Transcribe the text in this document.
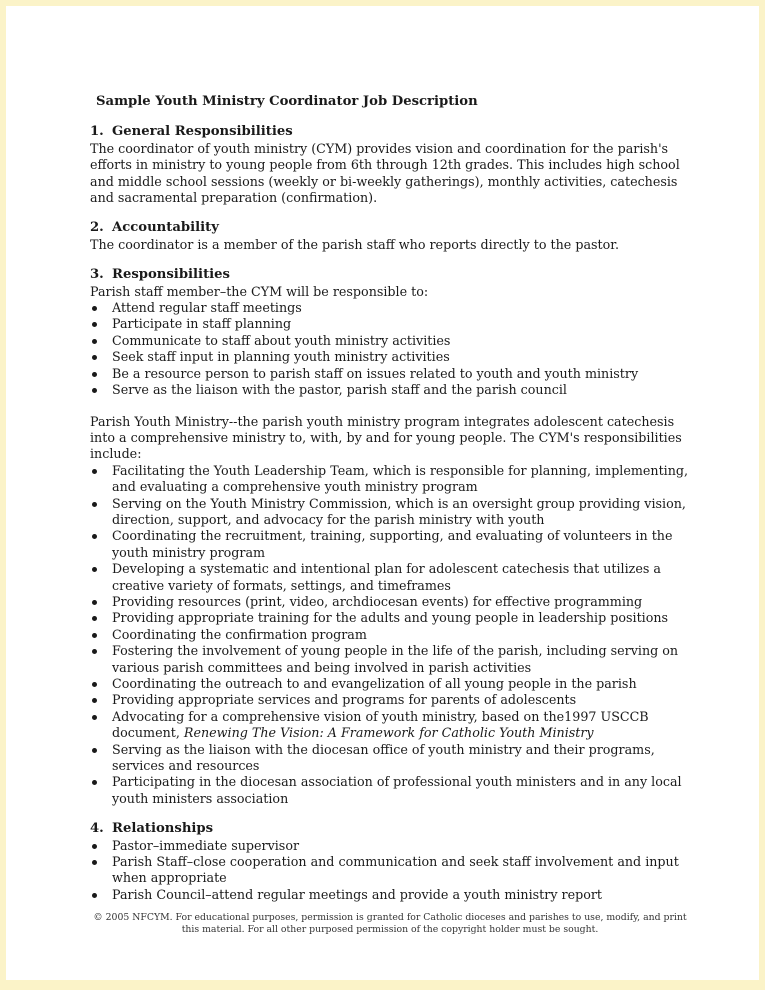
Sample Youth Ministry Coordinator Job Description
1. General Responsibilities

The coordinator of youth ministry (CYM) provides vision and coordination for the parish's efforts in ministry to young people from 6th through 12th grades. This includes high school and middle school sessions (weekly or bi-weekly gatherings), monthly activities, catechesis and sacramental preparation (confirmation).

2. Accountability

The coordinator is a member of the parish staff who reports directly to the pastor.

3. Responsibilities

Parish staff member–the CYM will be responsible to:

Attend regular staff meetings
Participate in staff planning
Communicate to staff about youth ministry activities
Seek staff input in planning youth ministry activities
Be a resource person to parish staff on issues related to youth and youth ministry
Serve as the liaison with the pastor, parish staff and the parish council

Parish Youth Ministry--the parish youth ministry program integrates adolescent catechesis into a comprehensive ministry to, with, by and for young people. The CYM's responsibilities include:

Facilitating the Youth Leadership Team, which is responsible for planning, implementing, and evaluating a comprehensive youth ministry program
Serving on the Youth Ministry Commission, which is an oversight group providing vision, direction, support, and advocacy for the parish ministry with youth
Coordinating the recruitment, training, supporting, and evaluating of volunteers in the youth ministry program
Developing a systematic and intentional plan for adolescent catechesis that utilizes a creative variety of formats, settings, and timeframes
Providing resources (print, video, archdiocesan events) for effective programming
Providing appropriate training for the adults and young people in leadership positions
Coordinating the confirmation program
Fostering the involvement of young people in the life of the parish, including serving on various parish committees and being involved in parish activities
Coordinating the outreach to and evangelization of all young people in the parish
Providing appropriate services and programs for parents of adolescents
Advocating for a comprehensive vision of youth ministry, based on the1997 USCCB document, Renewing The Vision: A Framework for Catholic Youth Ministry
Serving as the liaison with the diocesan office of youth ministry and their programs, services and resources
Participating in the diocesan association of professional youth ministers and in any local youth ministers association
4. Relationships
Pastor–immediate supervisor
Parish Staff–close cooperation and communication and seek staff involvement and input when appropriate
Parish Council–attend regular meetings and provide a youth ministry report
© 2005 NFCYM. For educational purposes, permission is granted for Catholic dioceses and parishes to use, modify, and print this material. For all other purposed permission of the copyright holder must be sought.
